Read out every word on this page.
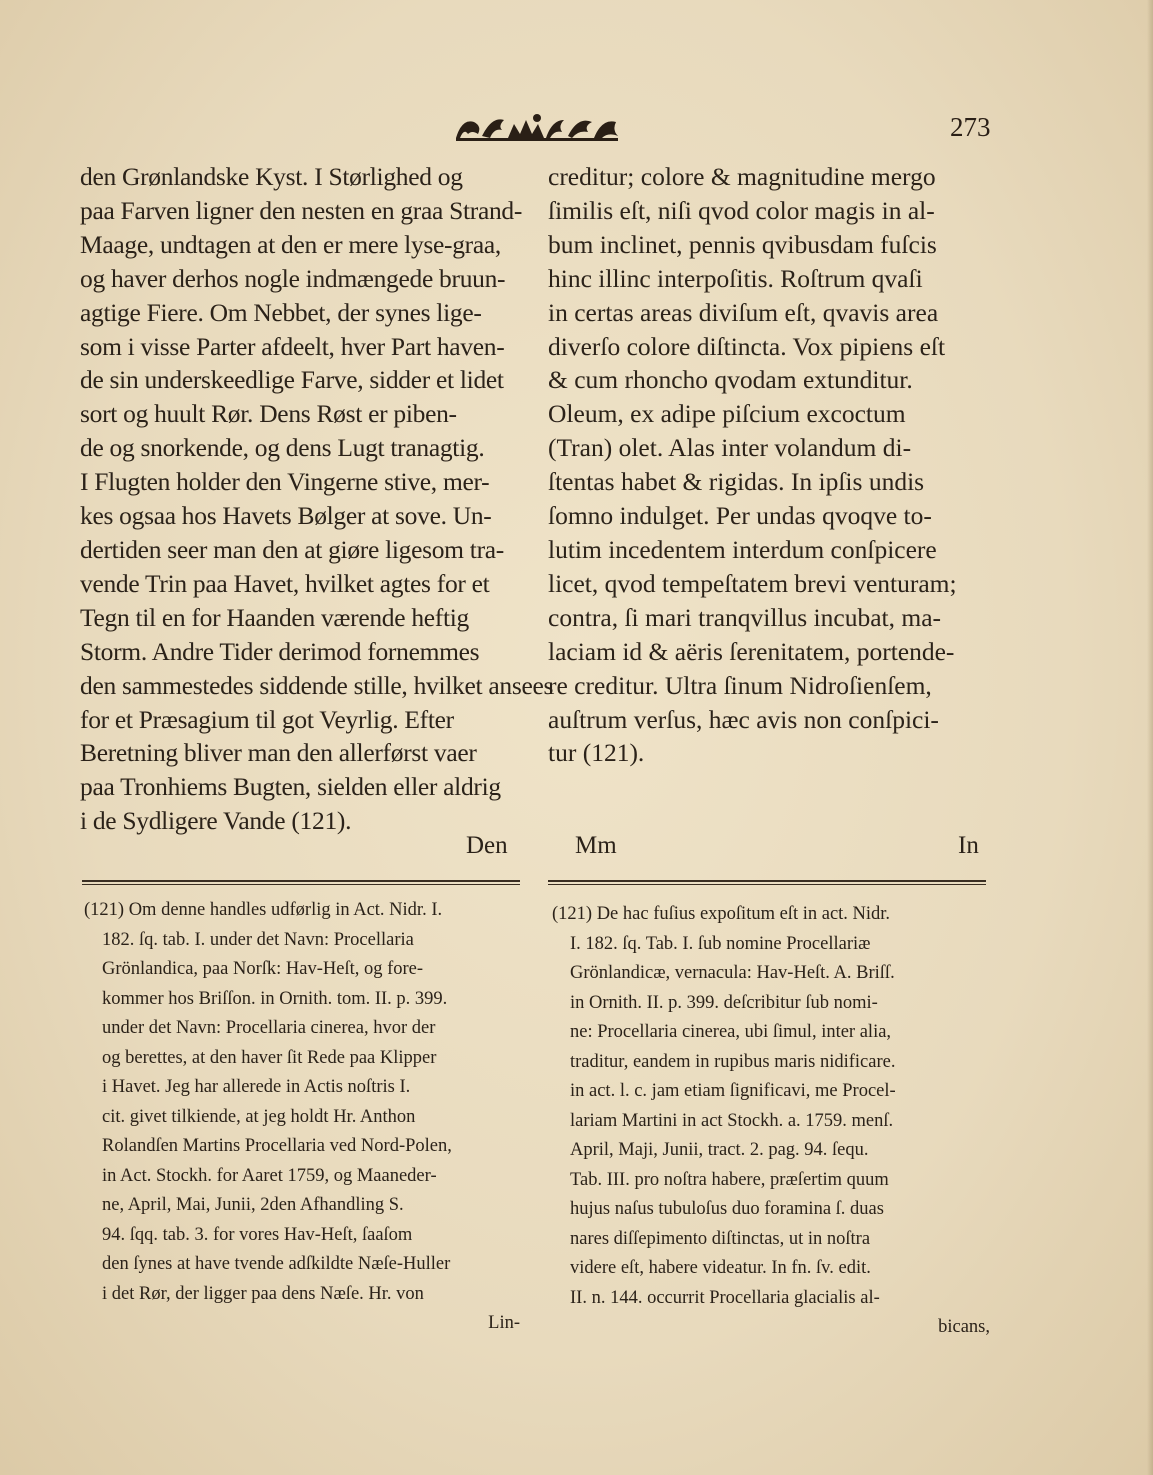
273
den Grønlandske Kyst. I Størlighed og
paa Farven ligner den nesten en graa Strand-
Maage, undtagen at den er mere lyse-graa,
og haver derhos nogle indmængede bruun-
agtige Fiere. Om Nebbet, der synes lige-
som i visse Parter afdeelt, hver Part haven-
de sin underskeedlige Farve, sidder et lidet
sort og huult Rør. Dens Røst er piben-
de og snorkende, og dens Lugt tranagtig.
I Flugten holder den Vingerne stive, mer-
kes ogsaa hos Havets Bølger at sove. Un-
dertiden seer man den at giøre ligesom tra-
vende Trin paa Havet, hvilket agtes for et
Tegn til en for Haanden værende heftig
Storm. Andre Tider derimod fornemmes
den sammestedes siddende stille, hvilket ansees
for et Præsagium til got Veyrlig. Efter
Beretning bliver man den allerførst vaer
paa Tronhiems Bugten, sielden eller aldrig
i de Sydligere Vande (121).
creditur; colore & magnitudine mergo
ſimilis eſt, niſi qvod color magis in al-
bum inclinet, pennis qvibusdam fuſcis
hinc illinc interpoſitis. Roſtrum qvaſi
in certas areas diviſum eſt, qvavis area
diverſo colore diſtincta. Vox pipiens eſt
& cum rhoncho qvodam extunditur.
Oleum, ex adipe piſcium excoctum
(Tran) olet. Alas inter volandum di-
ſtentas habet & rigidas. In ipſis undis
ſomno indulget. Per undas qvoqve to-
lutim incedentem interdum conſpicere
licet, qvod tempeſtatem brevi venturam;
contra, ſi mari tranqvillus incubat, ma-
laciam id & aëris ſerenitatem, portende-
re creditur. Ultra ſinum Nidroſienſem,
auſtrum verſus, hæc avis non conſpici-
tur (121).
Den	Mm	In
(121) Om denne handles udførlig in Act. Nidr. I.
182. ſq. tab. I. under det Navn: Procellaria
Grönlandica, paa Norſk: Hav-Heſt, og fore-
kommer hos Briſſon. in Ornith. tom. II. p. 399.
under det Navn: Procellaria cinerea, hvor der
og berettes, at den haver ſit Rede paa Klipper
i Havet. Jeg har allerede in Actis noſtris I.
cit. givet tilkiende, at jeg holdt Hr. Anthon
Rolandſen Martins Procellaria ved Nord-Polen,
in Act. Stockh. for Aaret 1759, og Maaneder-
ne, April, Mai, Junii, 2den Afhandling S.
94. ſqq. tab. 3. for vores Hav-Heſt, ſaaſom
den ſynes at have tvende adſkildte Næſe-Huller
i det Rør, der ligger paa dens Næſe. Hr. von
Lin-
(121) De hac fuſius expoſitum eſt in act. Nidr.
I. 182. ſq. Tab. I. ſub nomine Procellariæ
Grönlandicæ, vernacula: Hav-Heſt. A. Briſſ.
in Ornith. II. p. 399. deſcribitur ſub nomi-
ne: Procellaria cinerea, ubi ſimul, inter alia,
traditur, eandem in rupibus maris nidificare.
in act. l. c. jam etiam ſignificavi, me Procel-
lariam Martini in act Stockh. a. 1759. menſ.
April, Maji, Junii, tract. 2. pag. 94. ſequ.
Tab. III. pro noſtra habere, præſertim quum
hujus naſus tubuloſus duo foramina ſ. duas
nares diſſepimento diſtinctas, ut in noſtra
videre eſt, habere videatur. In fn. ſv. edit.
II. n. 144. occurrit Procellaria glacialis al-
bicans,
